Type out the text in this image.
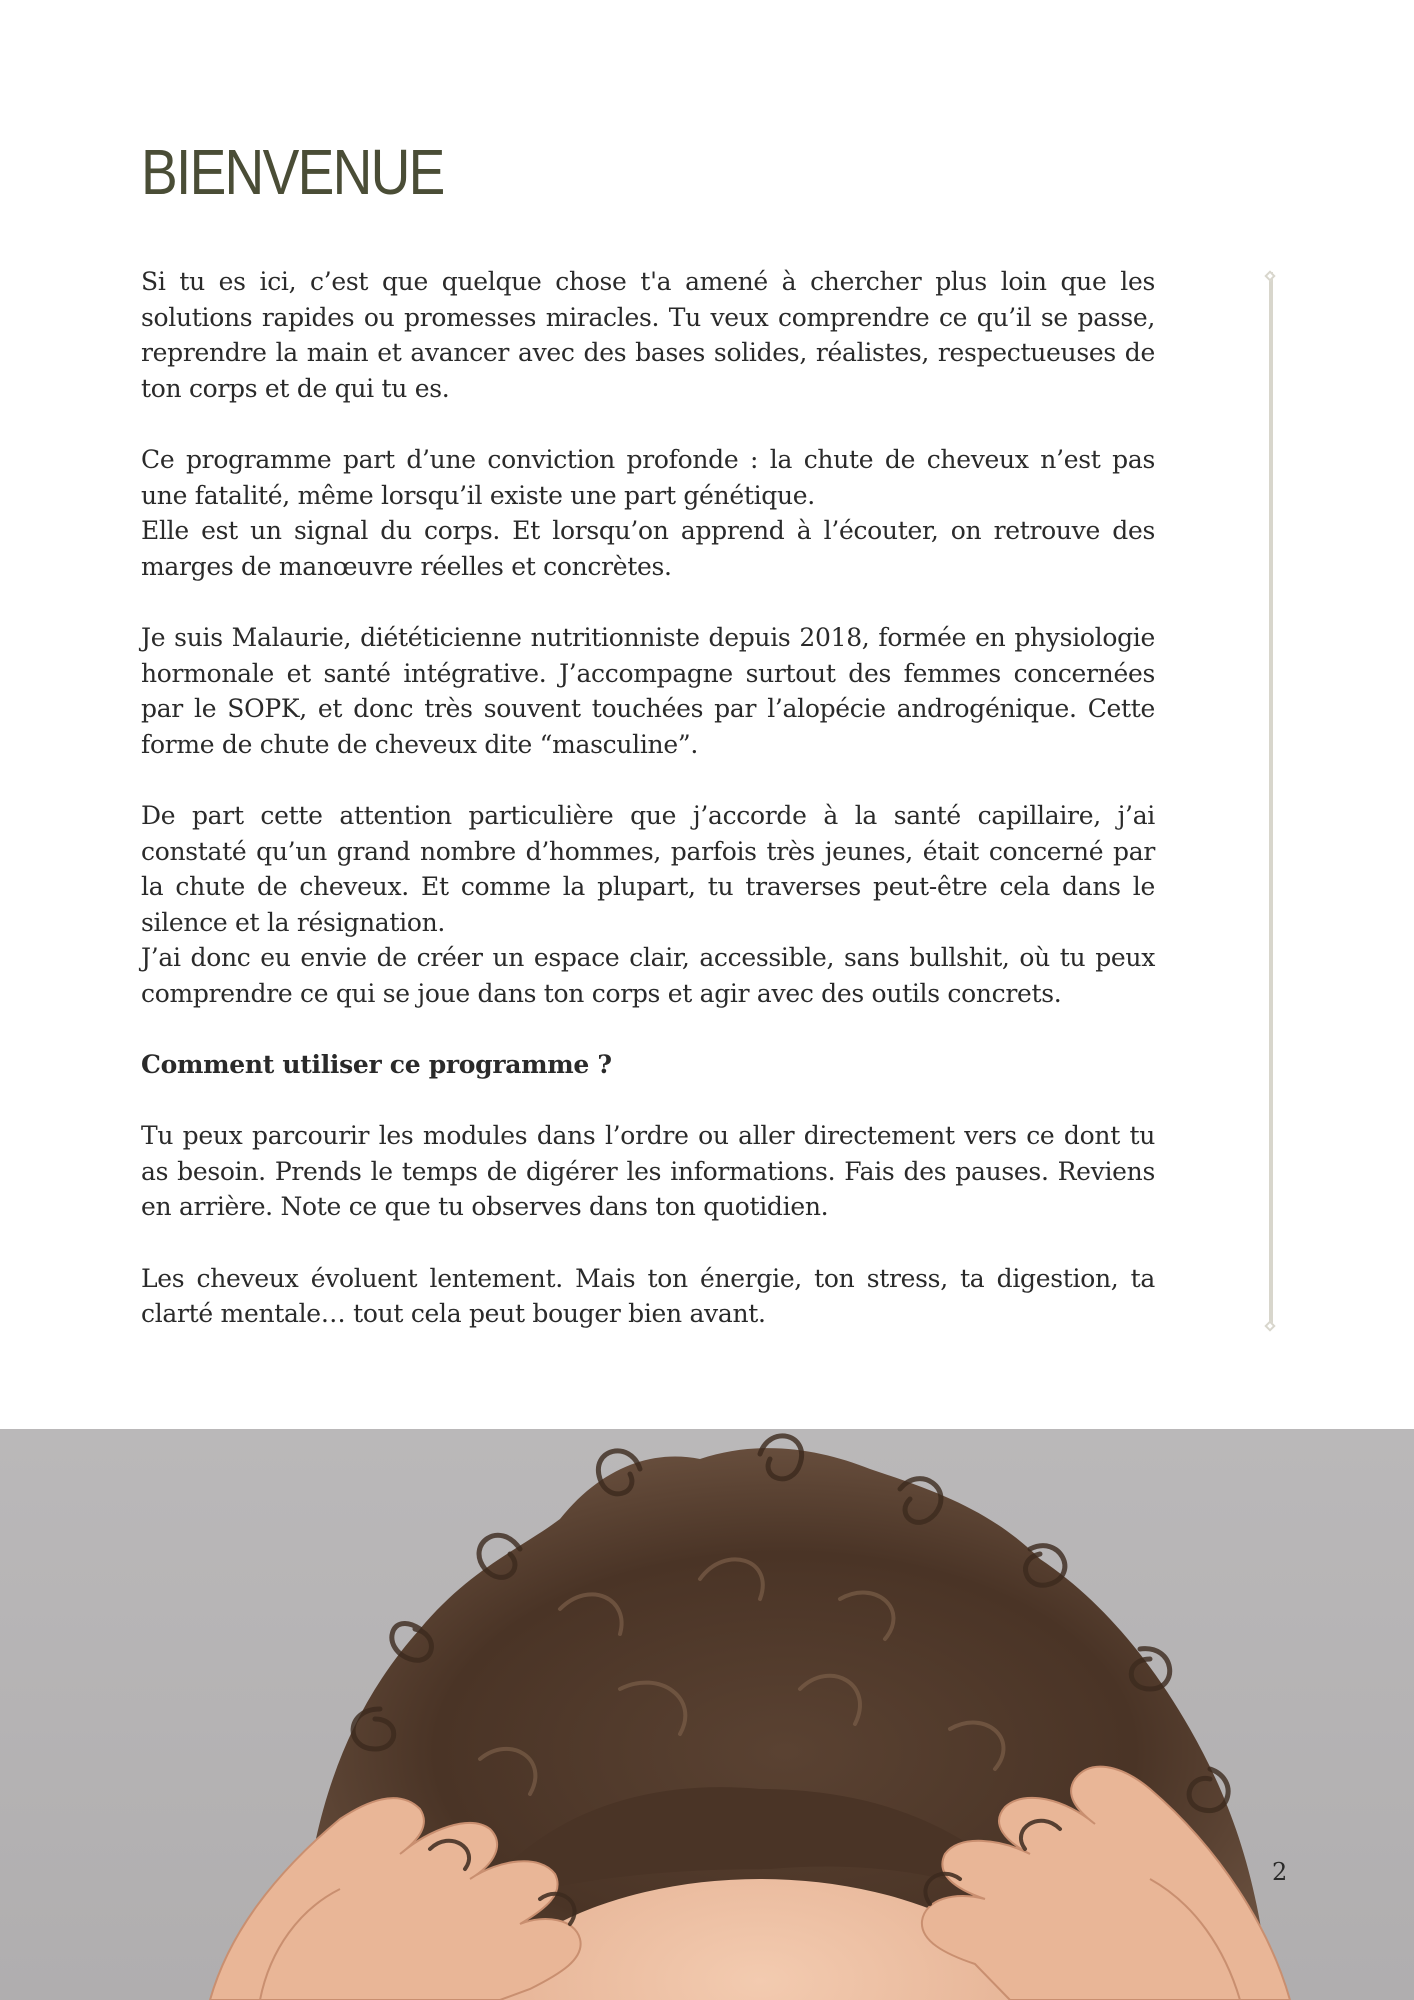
BIENVENUE

Si tu es ici, c’est que quelque chose t'a amené à chercher plus loin que les solutions rapides ou promesses miracles. Tu veux comprendre ce qu’il se passe, reprendre la main et avancer avec des bases solides, réalistes, respectueuses de ton corps et de qui tu es.

Ce programme part d’une conviction profonde : la chute de cheveux n’est pas une fatalité, même lorsqu’il existe une part génétique.
Elle est un signal du corps. Et lorsqu’on apprend à l’écouter, on retrouve des marges de manœuvre réelles et concrètes.

Je suis Malaurie, diététicienne nutritionniste depuis 2018, formée en physiologie hormonale et santé intégrative. J’accompagne surtout des femmes concernées par le SOPK, et donc très souvent touchées par l’alopécie androgénique. Cette forme de chute de cheveux dite “masculine”.

De part cette attention particulière que j’accorde à la santé capillaire, j’ai constaté qu’un grand nombre d’hommes, parfois très jeunes, était concerné par la chute de cheveux. Et comme la plupart, tu traverses peut-être cela dans le silence et la résignation.
J’ai donc eu envie de créer un espace clair, accessible, sans bullshit, où tu peux comprendre ce qui se joue dans ton corps et agir avec des outils concrets.

Comment utiliser ce programme ?

Tu peux parcourir les modules dans l’ordre ou aller directement vers ce dont tu as besoin. Prends le temps de digérer les informations. Fais des pauses. Reviens en arrière. Note ce que tu observes dans ton quotidien.

Les cheveux évoluent lentement. Mais ton énergie, ton stress, ta digestion, ta clarté mentale… tout cela peut bouger bien avant.

2
